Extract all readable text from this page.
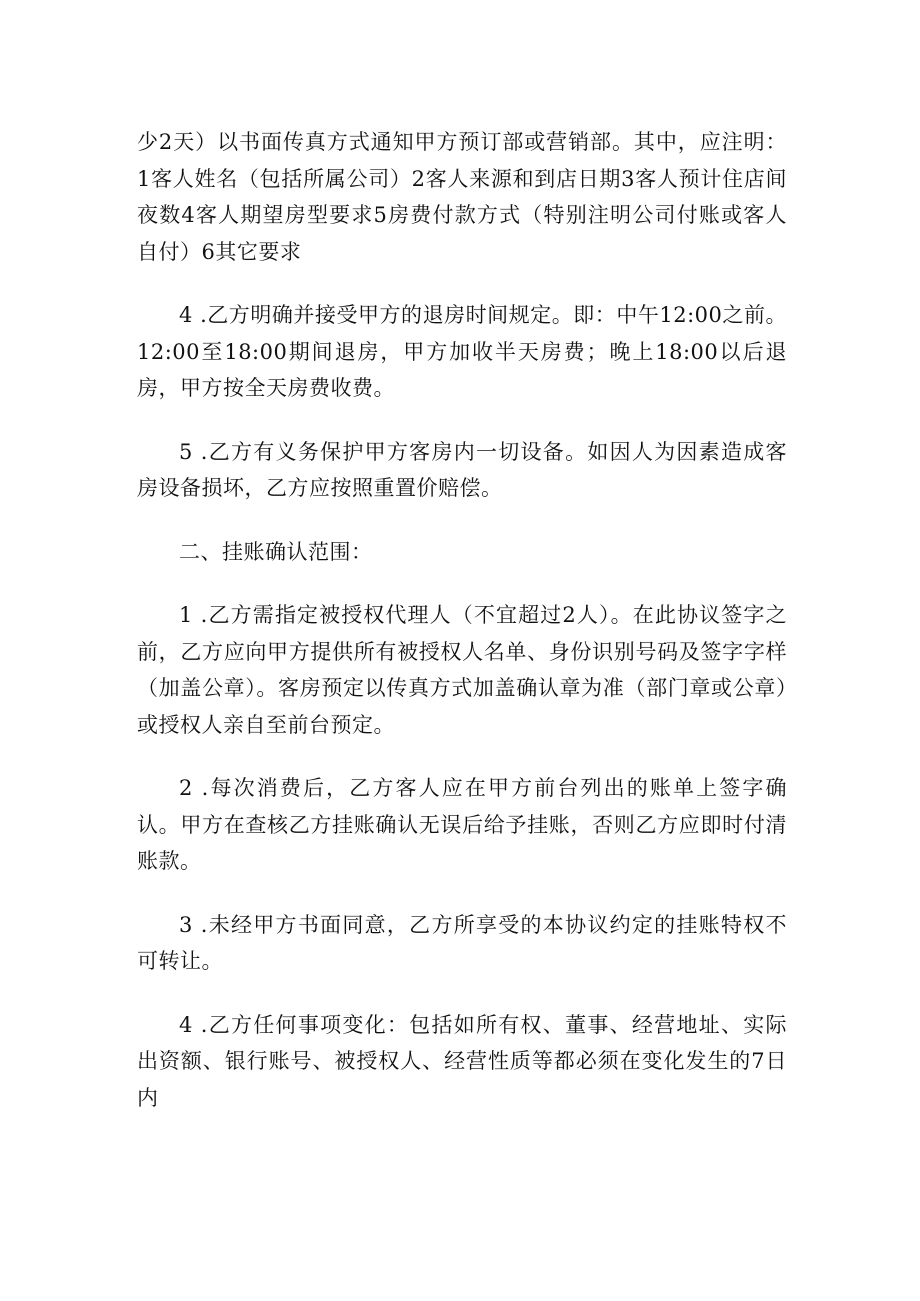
少2天）以书面传真方式通知甲方预订部或营销部。其中，应注明：1客人姓名（包括所属公司）2客人来源和到店日期3客人预计住店间夜数4客人期望房型要求5房费付款方式（特别注明公司付账或客人自付）6其它要求

4 .乙方明确并接受甲方的退房时间规定。即：中午12:00之前。12:00至18:00期间退房，甲方加收半天房费；晚上18:00以后退房，甲方按全天房费收费。

5 .乙方有义务保护甲方客房内一切设备。如因人为因素造成客房设备损坏，乙方应按照重置价赔偿。

二、挂账确认范围：

1 .乙方需指定被授权代理人（不宜超过2人）。在此协议签字之前，乙方应向甲方提供所有被授权人名单、身份识别号码及签字字样（加盖公章）。客房预定以传真方式加盖确认章为准（部门章或公章）或授权人亲自至前台预定。

2 .每次消费后，乙方客人应在甲方前台列出的账单上签字确认。甲方在查核乙方挂账确认无误后给予挂账，否则乙方应即时付清账款。

3 .未经甲方书面同意，乙方所享受的本协议约定的挂账特权不可转让。

4 .乙方任何事项变化：包括如所有权、董事、经营地址、实际出资额、银行账号、被授权人、经营性质等都必须在变化发生的7日内
